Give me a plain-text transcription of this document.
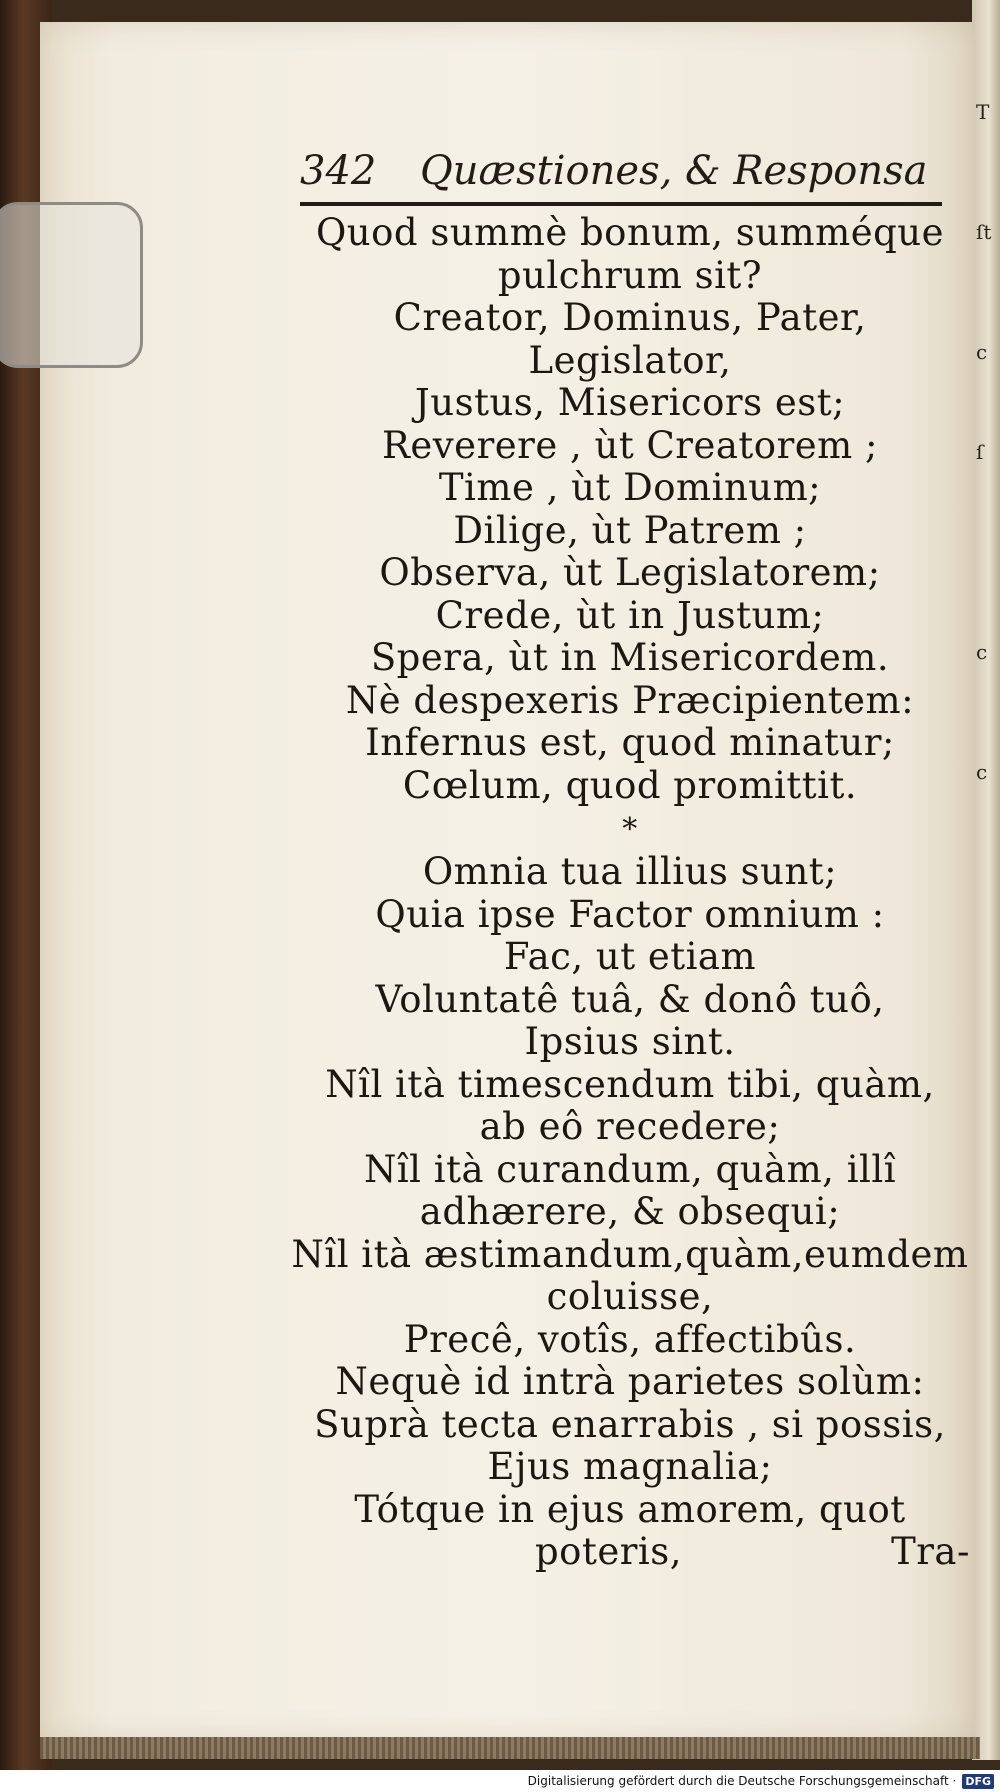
T
ſt
c
ſ
c
c
342 Quæstiones, & Responsa
Quod summè bonum, summéque
pulchrum sit?
Creator, Dominus, Pater,
Legislator,
Justus, Misericors est;
Reverere , ùt Creatorem ;
Time , ùt Dominum;
Dilige, ùt Patrem ;
Observa, ùt Legislatorem;
Crede, ùt in Justum;
Spera, ùt in Misericordem.
Nè despexeris Præcipientem:
Infernus est, quod minatur;
Cœlum, quod promittit.
*
Omnia tua illius sunt;
Quia ipse Factor omnium :
Fac, ut etiam
Voluntatê tuâ, & donô tuô,
Ipsius sint.
Nîl ità timescendum tibi, quàm,
ab eô recedere;
Nîl ità curandum, quàm, illî
adhærere, & obsequi;
Nîl ità æstimandum,quàm,eumdem
coluisse,
Precê, votîs, affectibûs.
Nequè id intrà parietes solùm:
Suprà tecta enarrabis , si possis,
Ejus magnalia;
Tótque in ejus amorem, quot
poteris,	Tra-
Digitalisierung gefördert durch die Deutsche Forschungsgemeinschaft · DFG
